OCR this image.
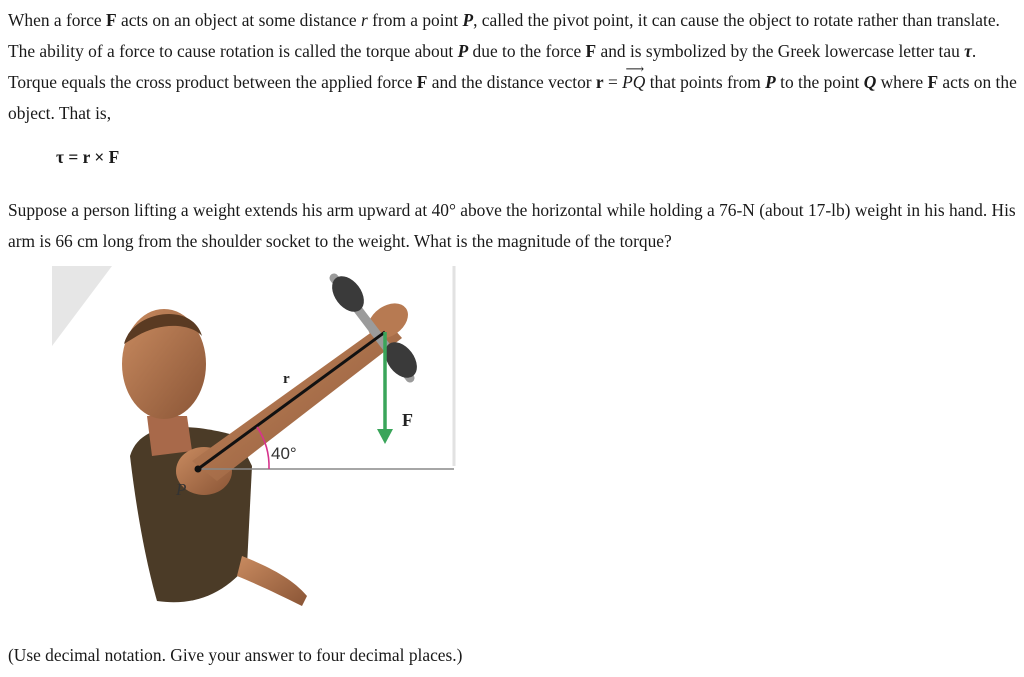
When a force F acts on an object at some distance r from a point P, called the pivot point, it can cause the object to rotate rather than translate. The ability of a force to cause rotation is called the torque about P due to the force F and is symbolized by the Greek lowercase letter tau τ. Torque equals the cross product between the applied force F and the distance vector r =
⟶
PQ that points from P to the point Q where F acts on the object. That is,

τ = r × F

Suppose a person lifting a weight extends his arm upward at 40° above the horizontal while holding a 76-N (about 17-lb) weight in his hand. His arm is 66 cm long from the shoulder socket to the weight. What is the magnitude of the torque?

r
F
40°
P

(Use decimal notation. Give your answer to four decimal places.)
